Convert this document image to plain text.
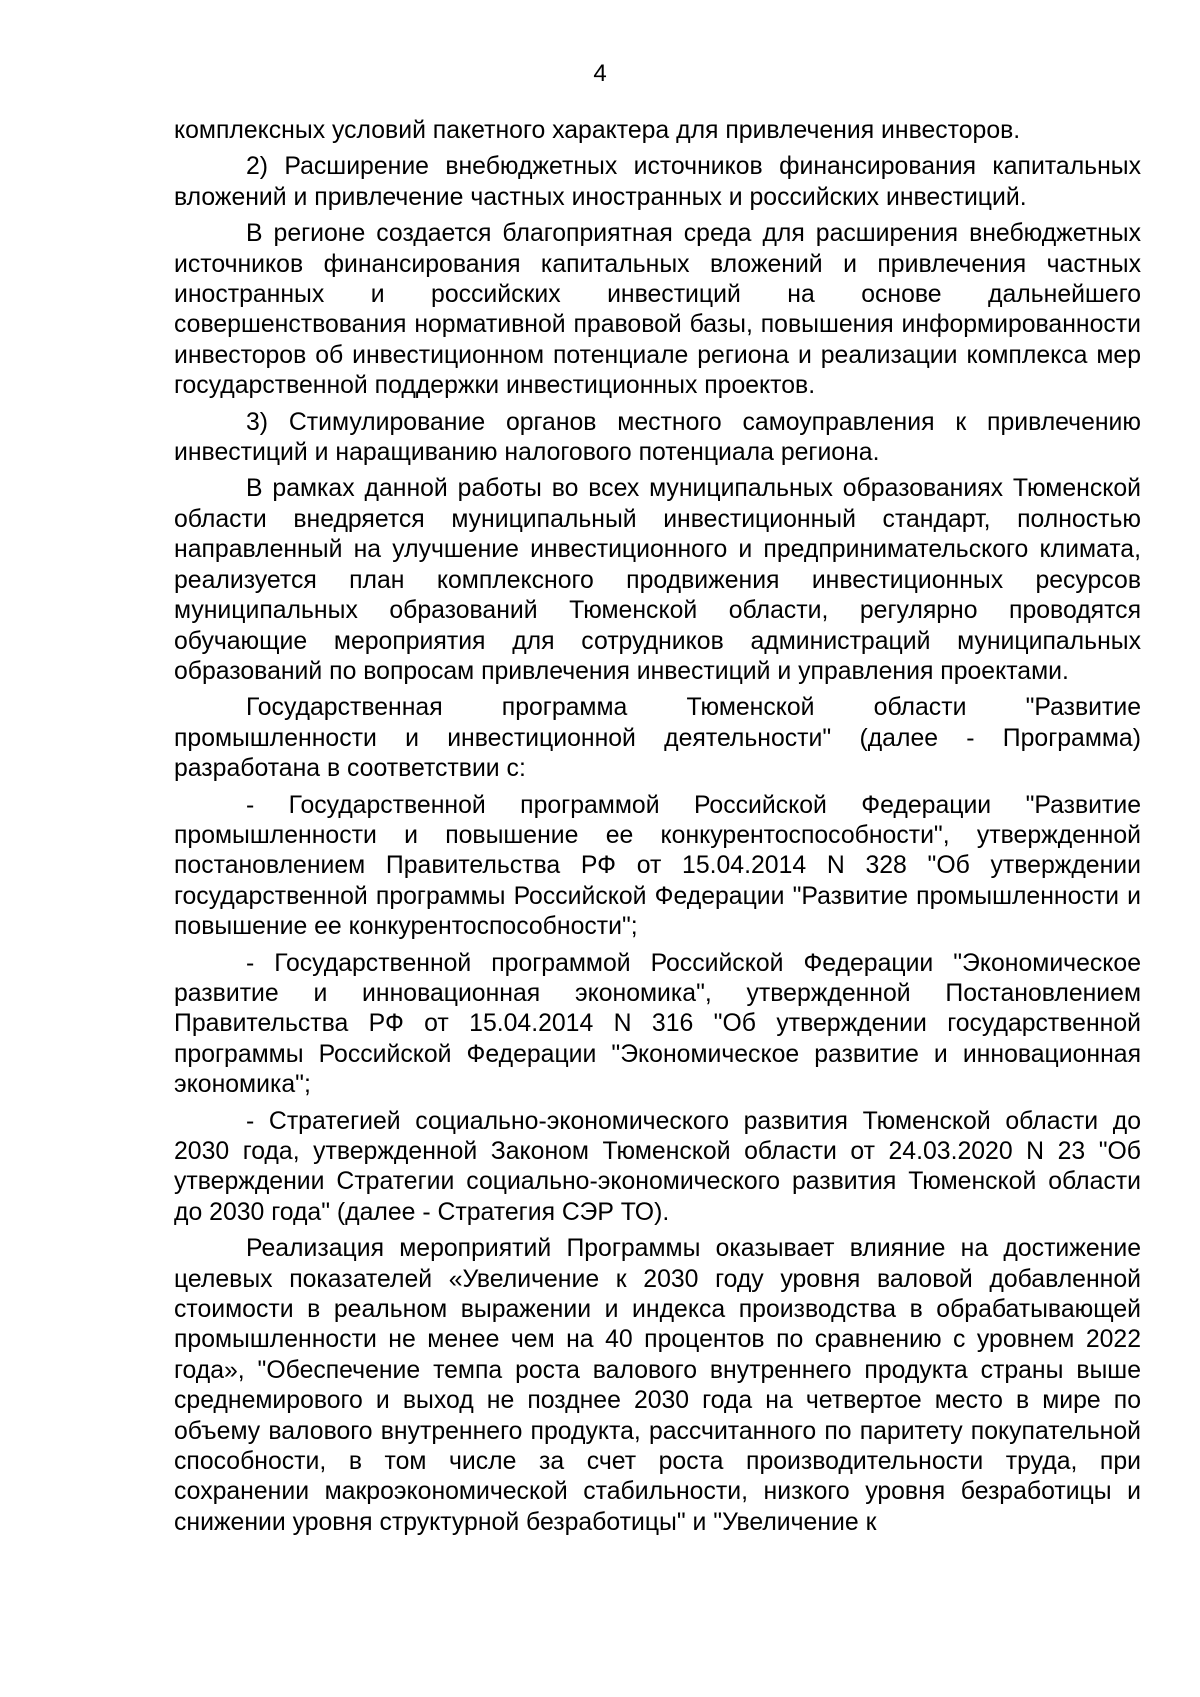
4

комплексных условий пакетного характера для привлечения инвесторов.

2) Расширение внебюджетных источников финансирования капитальных вложений и привлечение частных иностранных и российских инвестиций.

В регионе создается благоприятная среда для расширения внебюджетных источников финансирования капитальных вложений и привлечения частных иностранных и российских инвестиций на основе дальнейшего совершенствования нормативной правовой базы, повышения информированности инвесторов об инвестиционном потенциале региона и реализации комплекса мер государственной поддержки инвестиционных проектов.

3) Стимулирование органов местного самоуправления к привлечению инвестиций и наращиванию налогового потенциала региона.

В рамках данной работы во всех муниципальных образованиях Тюменской области внедряется муниципальный инвестиционный стандарт, полностью направленный на улучшение инвестиционного и предпринимательского климата, реализуется план комплексного продвижения инвестиционных ресурсов муниципальных образований Тюменской области, регулярно проводятся обучающие мероприятия для сотрудников администраций муниципальных образований по вопросам привлечения инвестиций и управления проектами.

Государственная программа Тюменской области "Развитие промышленности и инвестиционной деятельности" (далее - Программа) разработана в соответствии с:

- Государственной программой Российской Федерации "Развитие промышленности и повышение ее конкурентоспособности", утвержденной постановлением Правительства РФ от 15.04.2014 N 328 "Об утверждении государственной программы Российской Федерации "Развитие промышленности и повышение ее конкурентоспособности";

- Государственной программой Российской Федерации "Экономическое развитие и инновационная экономика", утвержденной Постановлением Правительства РФ от 15.04.2014 N 316 "Об утверждении государственной программы Российской Федерации "Экономическое развитие и инновационная экономика";

- Стратегией социально-экономического развития Тюменской области до 2030 года, утвержденной Законом Тюменской области от 24.03.2020 N 23 "Об утверждении Стратегии социально-экономического развития Тюменской области до 2030 года" (далее - Стратегия СЭР ТО).

Реализация мероприятий Программы оказывает влияние на достижение целевых показателей «Увеличение к 2030 году уровня валовой добавленной стоимости в реальном выражении и индекса производства в обрабатывающей промышленности не менее чем на 40 процентов по сравнению с уровнем 2022 года», "Обеспечение темпа роста валового внутреннего продукта страны выше среднемирового и выход не позднее 2030 года на четвертое место в мире по объему валового внутреннего продукта, рассчитанного по паритету покупательной способности, в том числе за счет роста производительности труда, при сохранении макроэкономической стабильности, низкого уровня безработицы и снижении уровня структурной безработицы" и "Увеличение к
